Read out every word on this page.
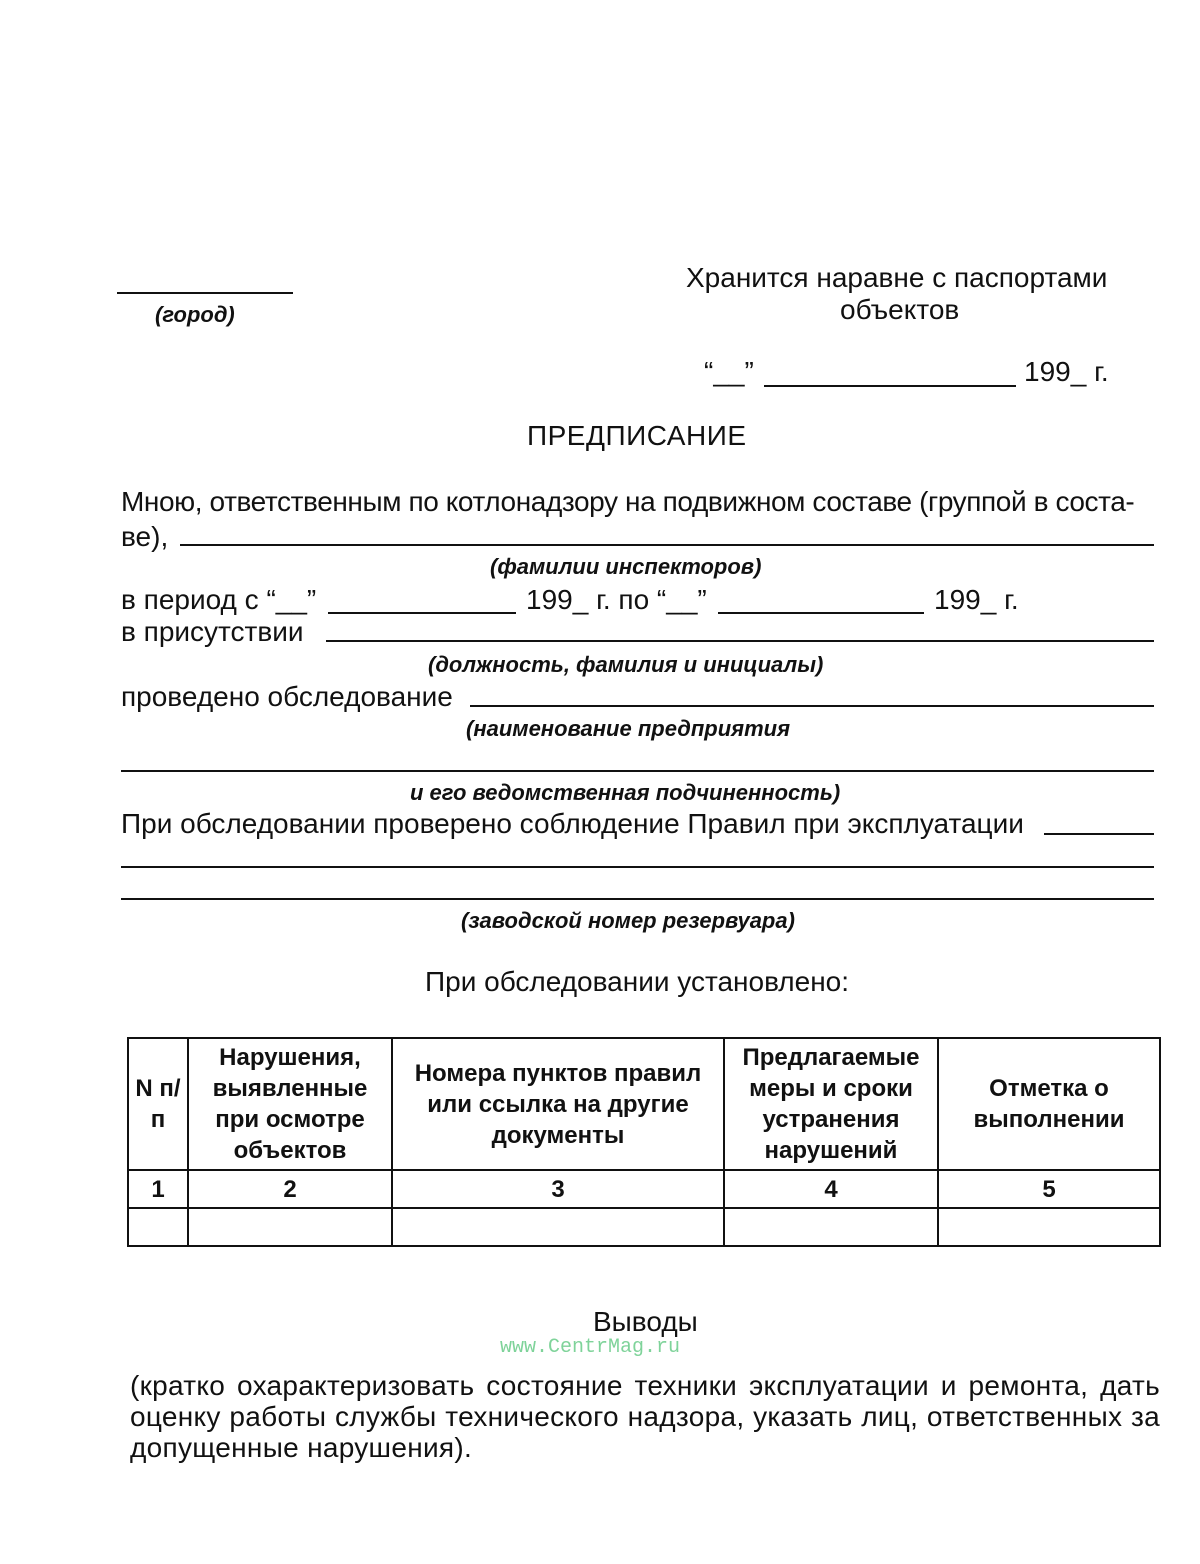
(город)
Хранится наравне с паспортами
объектов
“__”	199_ г.
ПРЕДПИСАНИЕ
Мною, ответственным по котлонадзору на подвижном составе (группой в соста-
ве),
(фамилии инспекторов)
в период с “__”	199_ г. по “__”	199_ г.
в присутствии
(должность, фамилия и инициалы)
проведено обследование
(наименование предприятия
и его ведомственная подчиненность)
При обследовании проверено соблюдение Правил при эксплуатации
(заводской номер резервуара)
При обследовании установлено:
N п/п	Нарушения, выявленные при осмотре объектов	Номера пунктов правил или ссылка на другие документы	Предлагаемые меры и сроки устранения нарушений	Отметка о выполнении
1	2	3	4	5

Выводы
www.CentrMag.ru
(кратко охарактеризовать состояние техники эксплуатации и ремонта, дать оценку работы службы технического надзора, указать лиц, ответственных за допущенные нарушения).
